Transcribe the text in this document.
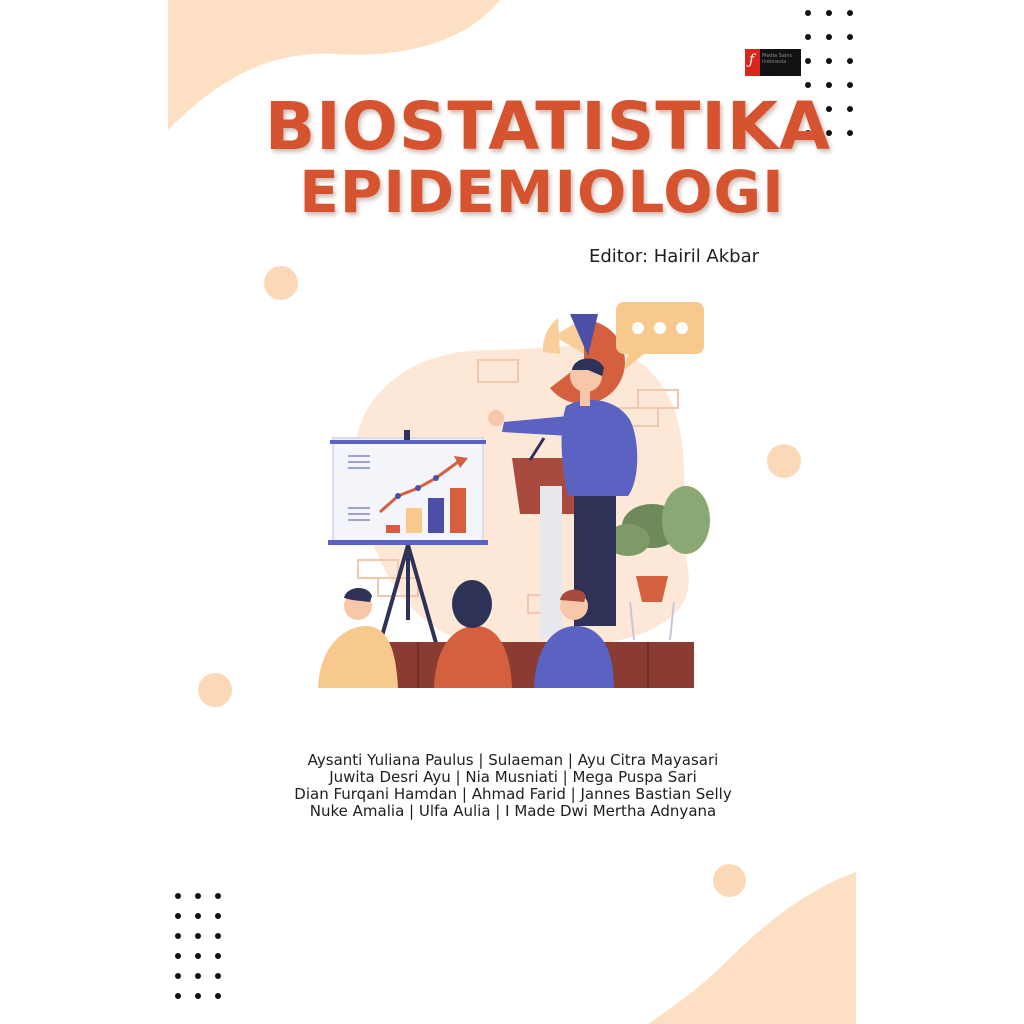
ƒ	Media Sains Indonesia
BIOSTATISTIKA
EPIDEMIOLOGI
Editor: Hairil Akbar
Aysanti Yuliana Paulus | Sulaeman | Ayu Citra Mayasari
Juwita Desri Ayu | Nia Musniati | Mega Puspa Sari
Dian Furqani Hamdan | Ahmad Farid | Jannes Bastian Selly
Nuke Amalia | Ulfa Aulia | I Made Dwi Mertha Adnyana
